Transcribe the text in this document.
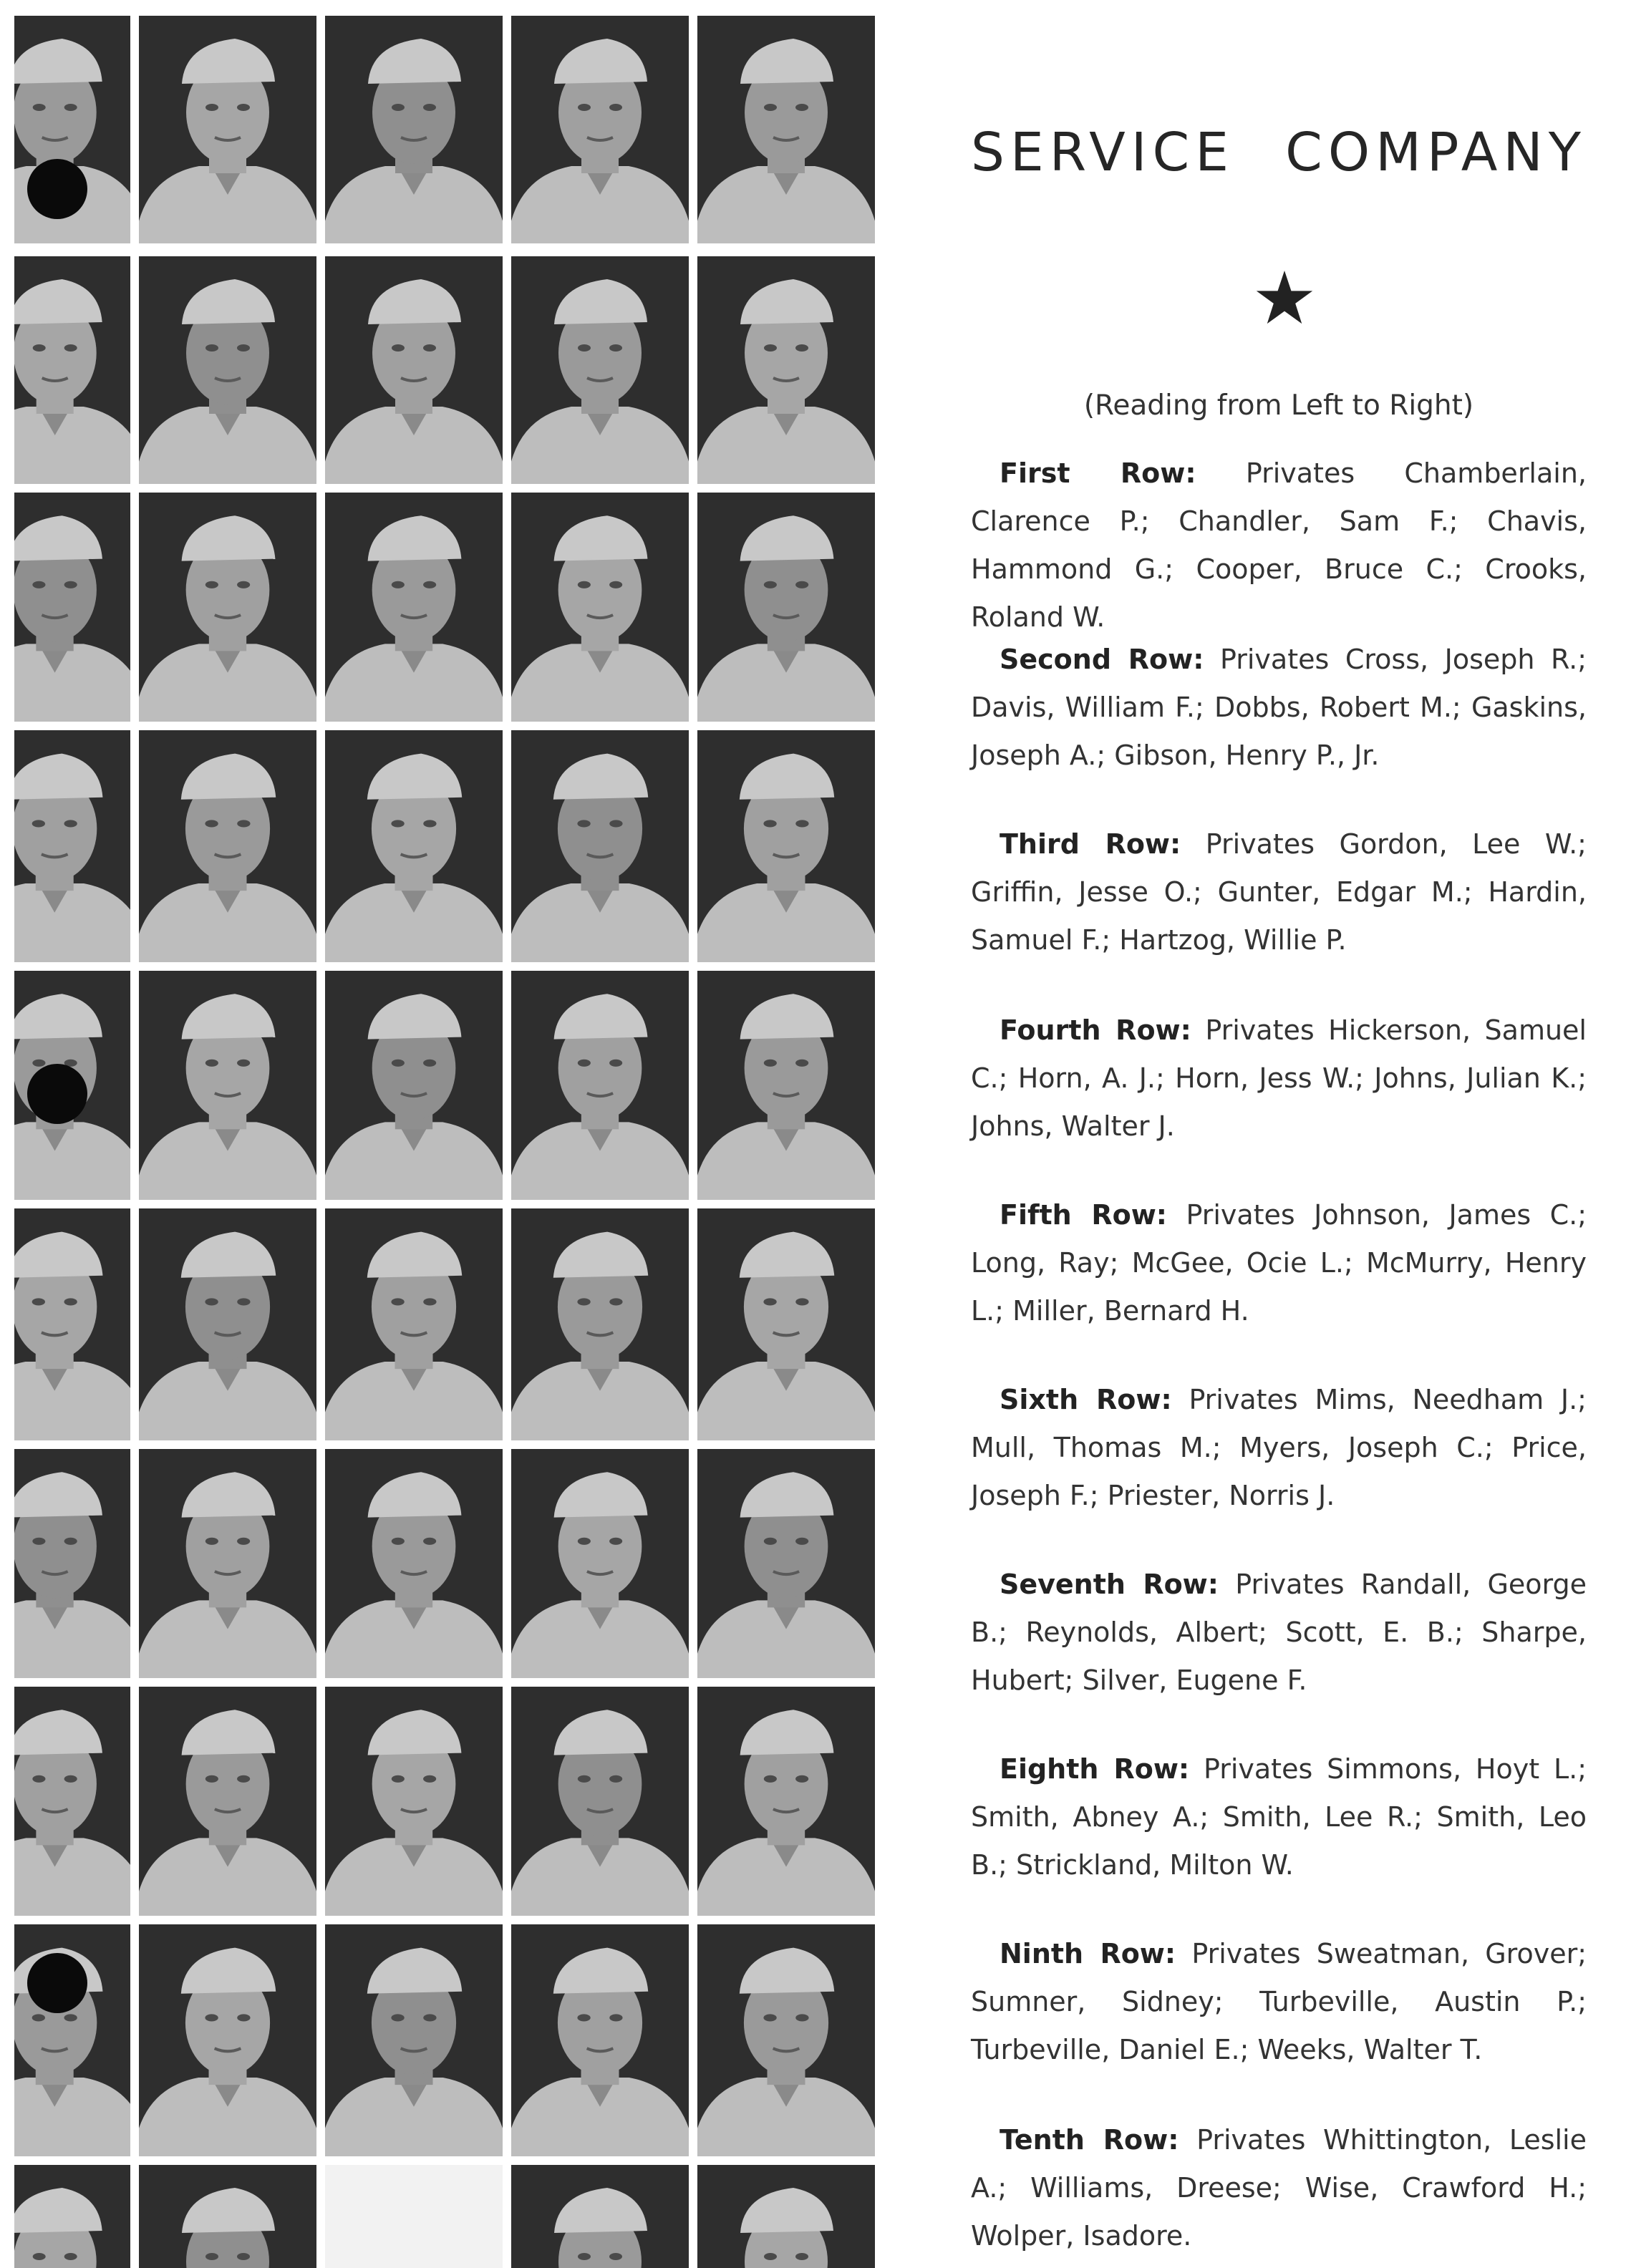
SERVICE COMPANY
(Reading from Left to Right)
First Row: Privates Chamberlain, Clarence P.; Chandler, Sam F.; Chavis, Hammond G.; Cooper, Bruce C.; Crooks, Roland W.
Second Row: Privates Cross, Joseph R.; Davis, William F.; Dobbs, Robert M.; Gaskins, Joseph A.; Gibson, Henry P., Jr.
Third Row: Privates Gordon, Lee W.; Griffin, Jesse O.; Gunter, Edgar M.; Hardin, Samuel F.; Hartzog, Willie P.
Fourth Row: Privates Hickerson, Samuel C.; Horn, A. J.; Horn, Jess W.; Johns, Julian K.; Johns, Walter J.
Fifth Row: Privates Johnson, James C.; Long, Ray; McGee, Ocie L.; McMurry, Henry L.; Miller, Bernard H.
Sixth Row: Privates Mims, Needham J.; Mull, Thomas M.; Myers, Joseph C.; Price, Joseph F.; Priester, Norris J.
Seventh Row: Privates Randall, George B.; Reynolds, Albert; Scott, E. B.; Sharpe, Hubert; Silver, Eugene F.
Eighth Row: Privates Simmons, Hoyt L.; Smith, Abney A.; Smith, Lee R.; Smith, Leo B.; Strickland, Milton W.
Ninth Row: Privates Sweatman, Grover; Sumner, Sidney; Turbeville, Austin P.; Turbeville, Daniel E.; Weeks, Walter T.
Tenth Row: Privates Whittington, Leslie A.; Williams, Dreese; Wise, Crawford H.; Wolper, Isadore.
